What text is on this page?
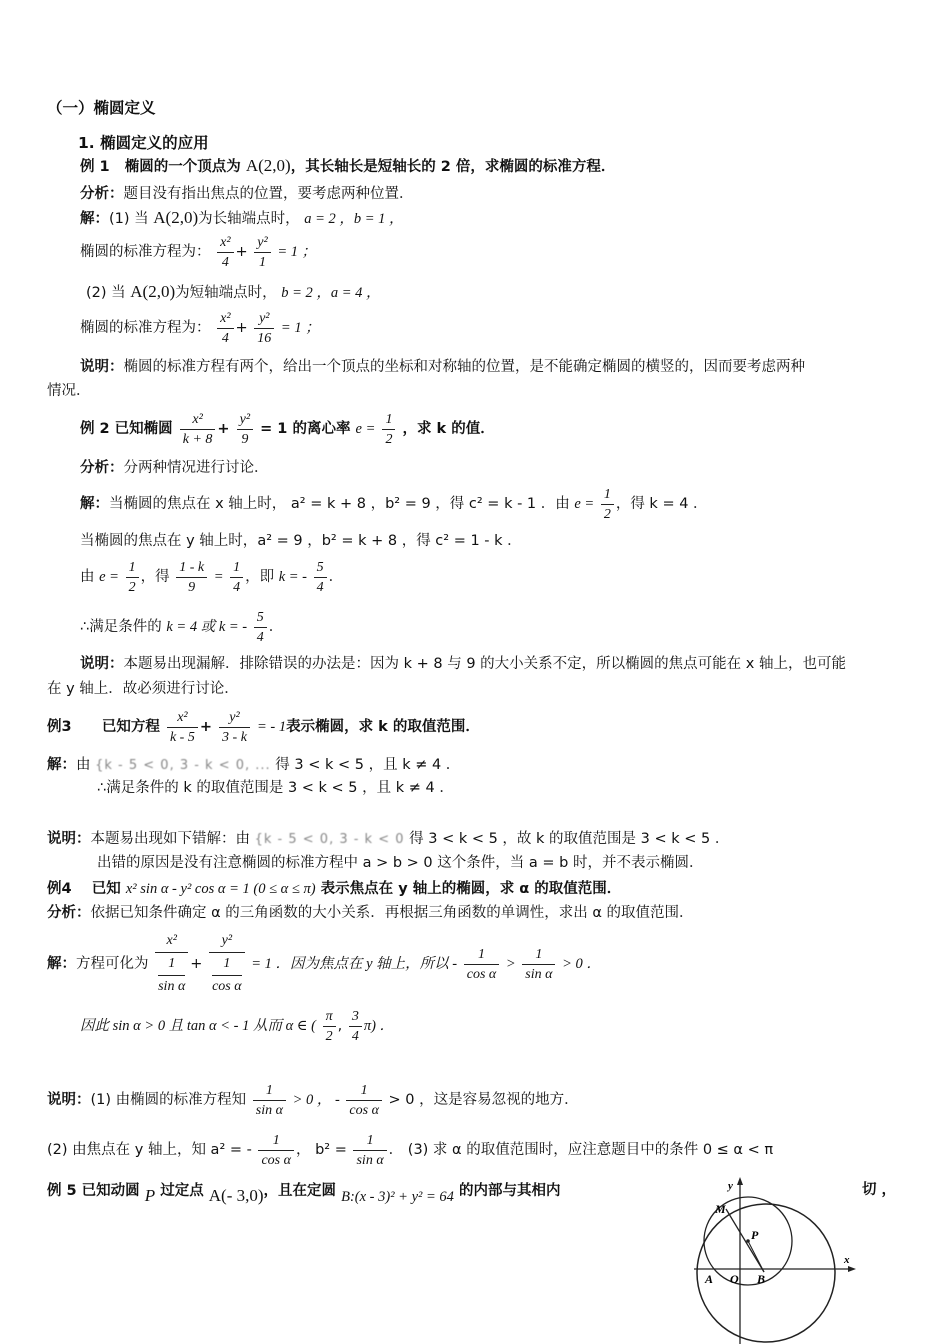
（一）椭圆定义
1. 椭圆定义的应用
例 1 椭圆的一个顶点为 A(2,0)，其长轴长是短轴长的 2 倍，求椭圆的标准方程．
分析：题目没有指出焦点的位置，要考虑两种位置．
解：(1) 当 A(2,0)为长轴端点时， a = 2 ，b = 1 ，
椭圆的标准方程为： $\frac{\text{x²}}{4} + \frac{\text{y²}}{1} = 1$ ；
(2) 当 A(2,0)为短轴端点时， b = 2 ，a = 4 ，
椭圆的标准方程为： $\frac{\text{x²}}{4} + \frac{\text{y²}}{16} = 1$ ；
说明：椭圆的标准方程有两个，给出一个顶点的坐标和对称轴的位置，是不能确定椭圆的横竖的，因而要考虑两种
情况．
例 2 已知椭圆 $\frac{\text{x²}}{k + 8} + \frac{\text{y²}}{9} = 1$ 的离心率 $e = \frac{1}{2}$ ，求 k 的值．
分析：分两种情况进行讨论．
解：当椭圆的焦点在 x 轴上时， a² = k + 8 ，b² = 9 ，得 c² = k - 1 ．由 $e = \frac{1}{2}$ ，得 k = 4 ．
当椭圆的焦点在 y 轴上时，a² = 9 ，b² = k + 8 ，得 c² = 1 - k ．
由 $e = \frac{1}{2}$ ，得 $\frac{1 - k}{9} = \frac{1}{4}$ ，即 k = - $\frac{5}{4}$ ．
∴满足条件的 k = 4 或 k = - $\frac{5}{4}$ ．
说明：本题易出现漏解．排除错误的办法是：因为 k + 8 与 9 的大小关系不定，所以椭圆的焦点可能在 x 轴上，也可能
在 y 轴上．故必须进行讨论．
例3 已知方程 $\frac{\text{x²}}{k - 5} + \frac{\text{y²}}{3 - k}$ = - 1表示椭圆，求 k 的取值范围．
解：由 {k - 5 < 0, 3 - k < 0, ... 得 3 < k < 5 ，且 k ≠ 4 ．
∴满足条件的 k 的取值范围是 3 < k < 5 ，且 k ≠ 4 ．
说明：本题易出现如下错解：由 {k - 5 < 0, 3 - k < 0 得 3 < k < 5 ，故 k 的取值范围是 3 < k < 5 ．
出错的原因是没有注意椭圆的标准方程中 a > b > 0 这个条件，当 a = b 时，并不表示椭圆．
例4 已知 x² sin α - y² cos α = 1 (0 ≤ α ≤ π) 表示焦点在 y 轴上的椭圆，求 α 的取值范围．
分析：依据已知条件确定 α 的三角函数的大小关系．再根据三角函数的单调性，求出 α 的取值范围．
解：方程可化为 x²
1
sin α + y²
1
cos α = 1 ．因为焦点在 y 轴上，所以 - $\frac{1}{\text{cos α}} > \frac{1}{\text{sin α}} > 0$ ．
因此 sin α > 0 且 tan α < - 1 从而 α ∈ ( $\frac{\pi}{2}$ , $\frac{3}{4} \pi$) ．
说明：(1) 由椭圆的标准方程知 $\frac{1}{\text{sin α}} > 0$ ， - $\frac{1}{\text{cos α}} > 0$ ，这是容易忽视的地方．
(2) 由焦点在 y 轴上，知 a² = - $\frac{1}{\text{cos α}}$ ， $b^2 = \frac{1}{\text{sin α}}$ ． (3) 求 α 的取值范围时，应注意题目中的条件 0 ≤ α < π
例 5 已知动圆 P 过定点 A(- 3,0)，且在定圆 B:(x - 3)² + y² = 64 的内部与其相内	切 ，
y
x
M
P
A O B
